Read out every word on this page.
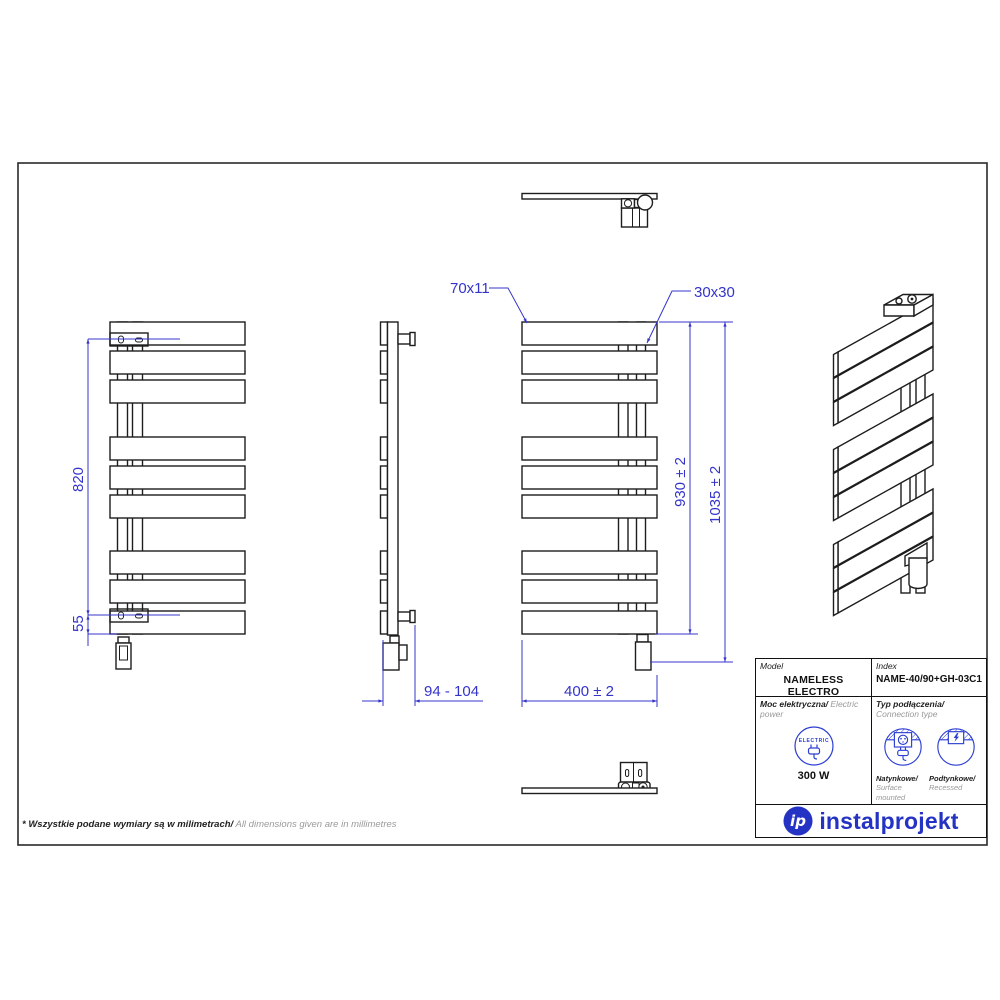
820
55
94 - 104	400 ± 2
930 ± 2 1035 ± 2
70x11	30x30
Model
NAMELESS ELECTRO
Index
NAME-40/90+GH-03C1
Moc elektryczna/ Electric power
ELECTRIC
300 W
Typ podłączenia/
Connection type
Natynkowe/
Surface mounted
Podtynkowe/
Recessed
ip instalprojekt
* Wszystkie podane wymiary są w milimetrach/ All dimensions given are in millimetres
